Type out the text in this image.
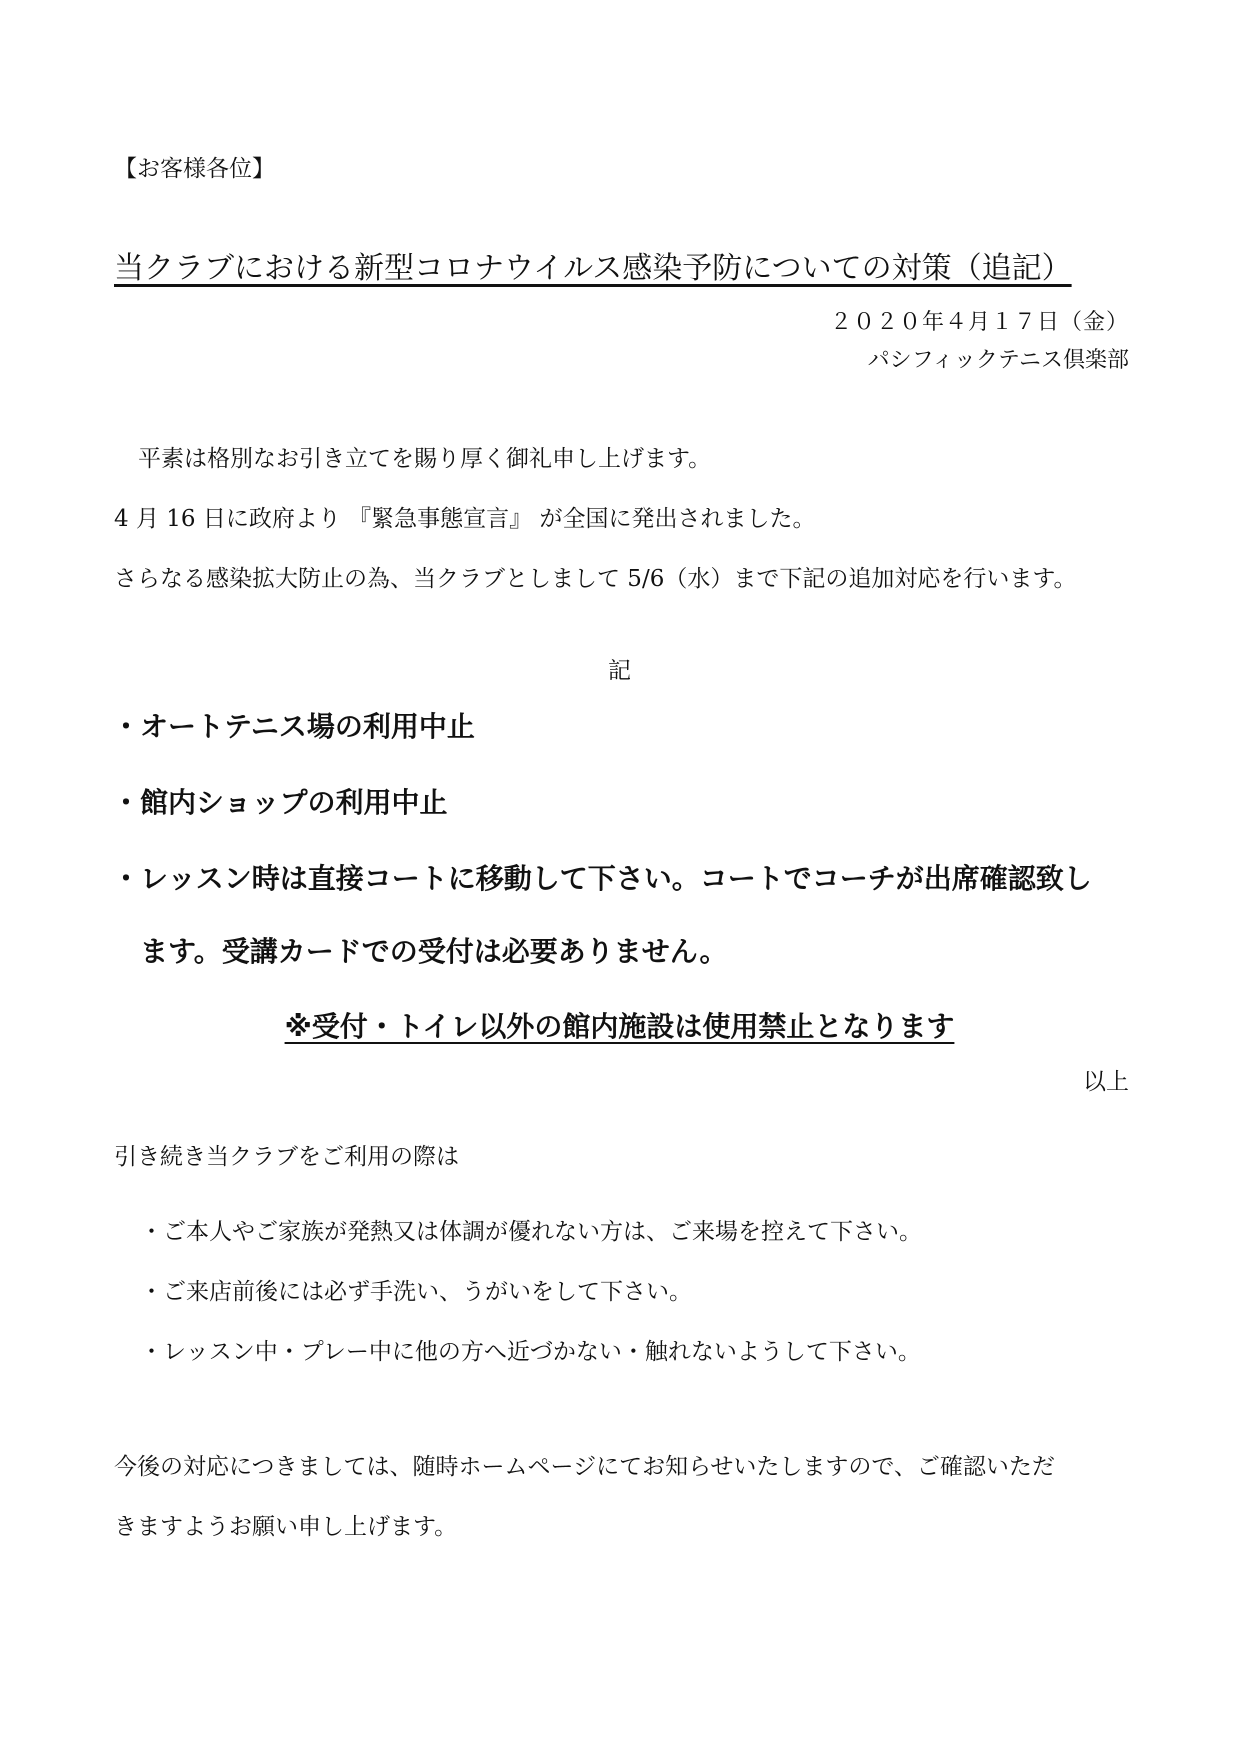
【お客様各位】
当クラブにおける新型コロナウイルス感染予防についての対策（追記）
２０２０年４月１７日（金）
パシフィックテニス倶楽部
平素は格別なお引き立てを賜り厚く御礼申し上げます。
4 月 16 日に政府より 『緊急事態宣言』 が全国に発出されました。
さらなる感染拡大防止の為、当クラブとしまして 5/6（水）まで下記の追加対応を行います。
記
・オートテニス場の利用中止
・館内ショップの利用中止
・レッスン時は直接コートに移動して下さい。コートでコーチが出席確認致し
ます。受講カードでの受付は必要ありません。
※受付・トイレ以外の館内施設は使用禁止となります
以上
引き続き当クラブをご利用の際は
・ご本人やご家族が発熱又は体調が優れない方は、ご来場を控えて下さい。
・ご来店前後には必ず手洗い、うがいをして下さい。
・レッスン中・プレー中に他の方へ近づかない・触れないようして下さい。
今後の対応につきましては、随時ホームページにてお知らせいたしますので、ご確認いただ
きますようお願い申し上げます。
